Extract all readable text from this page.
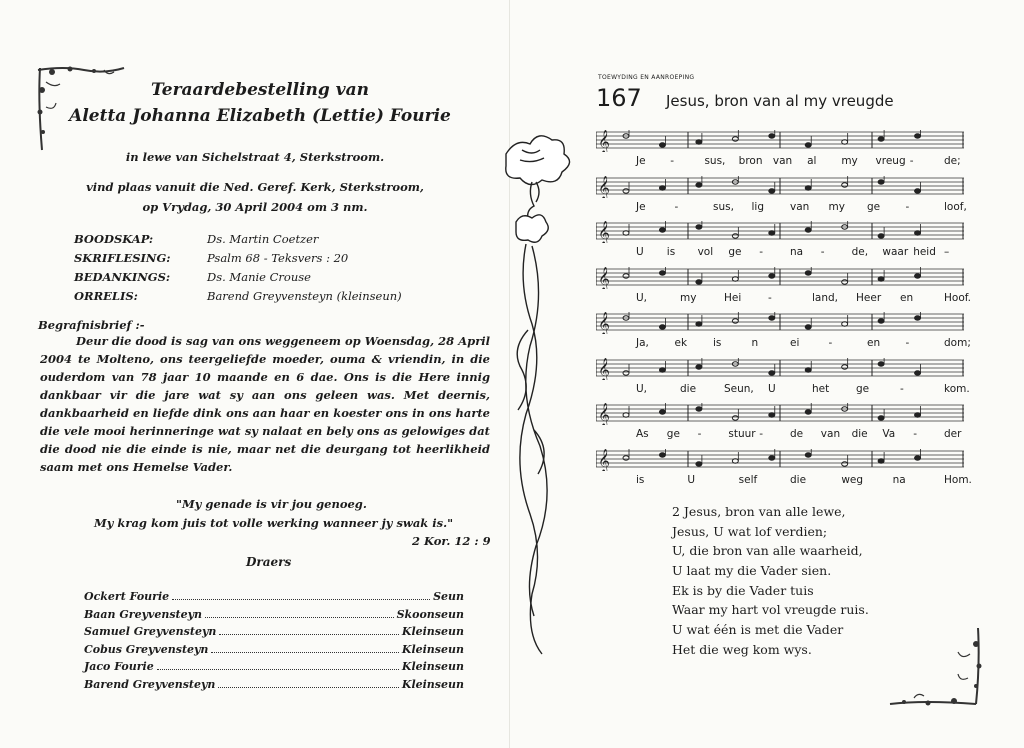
Teraardebestelling van
Aletta Johanna Elizabeth (Lettie) Fourie
in lewe van Sichelstraat 4, Sterkstroom.
vind plaas vanuit die Ned. Geref. Kerk, Sterkstroom,
op Vrydag, 30 April 2004 om 3 nm.
BOODSKAP:	Ds. Martin Coetzer
SKRIFLESING:	Psalm 68 - Teksvers : 20
BEDANKINGS:	Ds. Manie Crouse
ORRELIS:	Barend Greyvensteyn (kleinseun)
Begrafnisbrief :-
Deur die dood is sag van ons weggeneem op Woensdag, 28 April 2004 te Molteno, ons teergeliefde moeder, ouma & vriendin, in die ouderdom van 78 jaar 10 maande en 6 dae. Ons is die Here innig dankbaar vir die jare wat sy aan ons geleen was. Met deernis, dankbaarheid en liefde dink ons aan haar en koester ons in ons harte die vele mooi herinneringe wat sy nalaat en bely ons as gelowiges dat die dood nie die einde is nie, maar net die deurgang tot heerlikheid saam met ons Hemelse Vader.
"My genade is vir jou genoeg.
My krag kom juis tot volle werking wanneer jy swak is."
2 Kor. 12 : 9
Draers
Ockert Fourie	Seun
Baan Greyvensteyn	Skoonseun
Samuel Greyvensteyn	Kleinseun
Cobus Greyvensteyn	Kleinseun
Jaco Fourie	Kleinseun
Barend Greyvensteyn	Kleinseun
TOEWYDING EN AANROEPING
167 Jesus, bron van al my vreugde
2 Jesus, bron van alle lewe,
Jesus, U wat lof verdien;
U, die bron van alle waarheid,
U laat my die Vader sien.
Ek is by die Vader tuis
Waar my hart vol vreugde ruis.
U wat één is met die Vader
Het die weg kom wys.
𝄞
Je -	sus, bron van al my vreug -	de;
𝄞
Je	-	sus, lig van my ge -	loof,
𝄞
U is vol ge -	na -	de, waar heid –
𝄞
U,	my	Hei	-	land, Heer en	Hoof.
𝄞
Ja, ek is	n	ei	-	en -	dom;
𝄞
U,	die	Seun, U	het	ge	-	kom.
𝄞
As ge -	stuur -	de van die Va -	der
𝄞
is	U	self	die	weg	na	Hom.
